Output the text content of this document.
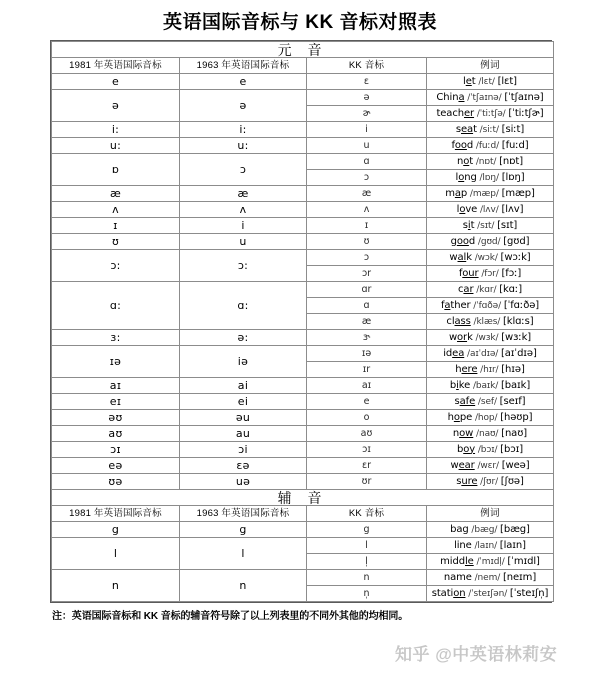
英语国际音标与 KK 音标对照表
元 音			
1981 年英语国际音标	1963 年英语国际音标	KK 音标	例词
e	e	ɛ	let /lɛt/ [lɛt]
ə	ə	ə	China /ˈtʃaɪnə/ [ˈtʃaɪnə]
		ɚ	teacher /ˈtiːtʃə/ [ˈtiːtʃɚ]
i:	i:	i	seat /siːt/ [siːt]
u:	u:	u	food /fuːd/ [fuːd]
ɒ	ɔ	ɑ	not /nɒt/ [nɒt]
		ɔ	long /lɒŋ/ [lɒŋ]
æ	æ	æ	map /mæp/ [mæp]
ʌ	ʌ	ʌ	love /lʌv/ [lʌv]
ɪ	i	ɪ	sit /sɪt/ [sɪt]
ʊ	u	ʊ	good /gʊd/ [gʊd]
ɔ:	ɔ:	ɔ	walk /wɔk/ [wɔːk]
		ɔr	four /fɔr/ [fɔː]
ɑ:	ɑ:	ɑr	car /kɑr/ [kɑː]
		ɑ	father /ˈfɑðə/ [ˈfɑːðə]
		æ	class /klæs/ [klɑːs]
ɜ:	ə:	ɝ	work /wɜk/ [wɜːk]
ɪə	iə	ɪə	idea /aɪˈdɪə/ [aɪˈdɪə]
		ɪr	here /hɪr/ [hɪə]
aɪ	ai	aɪ	bike /baɪk/ [baɪk]
eɪ	ei	e	safe /sef/ [seɪf]
əʊ	əu	o	hope /hop/ [həʊp]
aʊ	au	aʊ	now /naʊ/ [naʊ]
ɔɪ	ɔi	ɔɪ	boy /bɔɪ/ [bɔɪ]
eə	ɛə	ɛr	wear /wɛr/ [weə]
ʊə	uə	ʊr	sure /ʃʊr/ [ʃʊə]
辅 音			
1981 年英语国际音标	1963 年英语国际音标	KK 音标	例词
g	g	g	bag /bæg/ [bæg]
l	l	l	line /laɪn/ [laɪn]
		l̩	middle /ˈmɪdl̩/ [ˈmɪdl]
n	n	n	name /nem/ [neɪm]
		n̩	station /ˈsteɪʃən/ [ˈsteɪʃn̩]
注：英语国际音标和 KK 音标的辅音符号除了以上列表里的不同外其他的均相同。
知乎 @中英语林莉安
